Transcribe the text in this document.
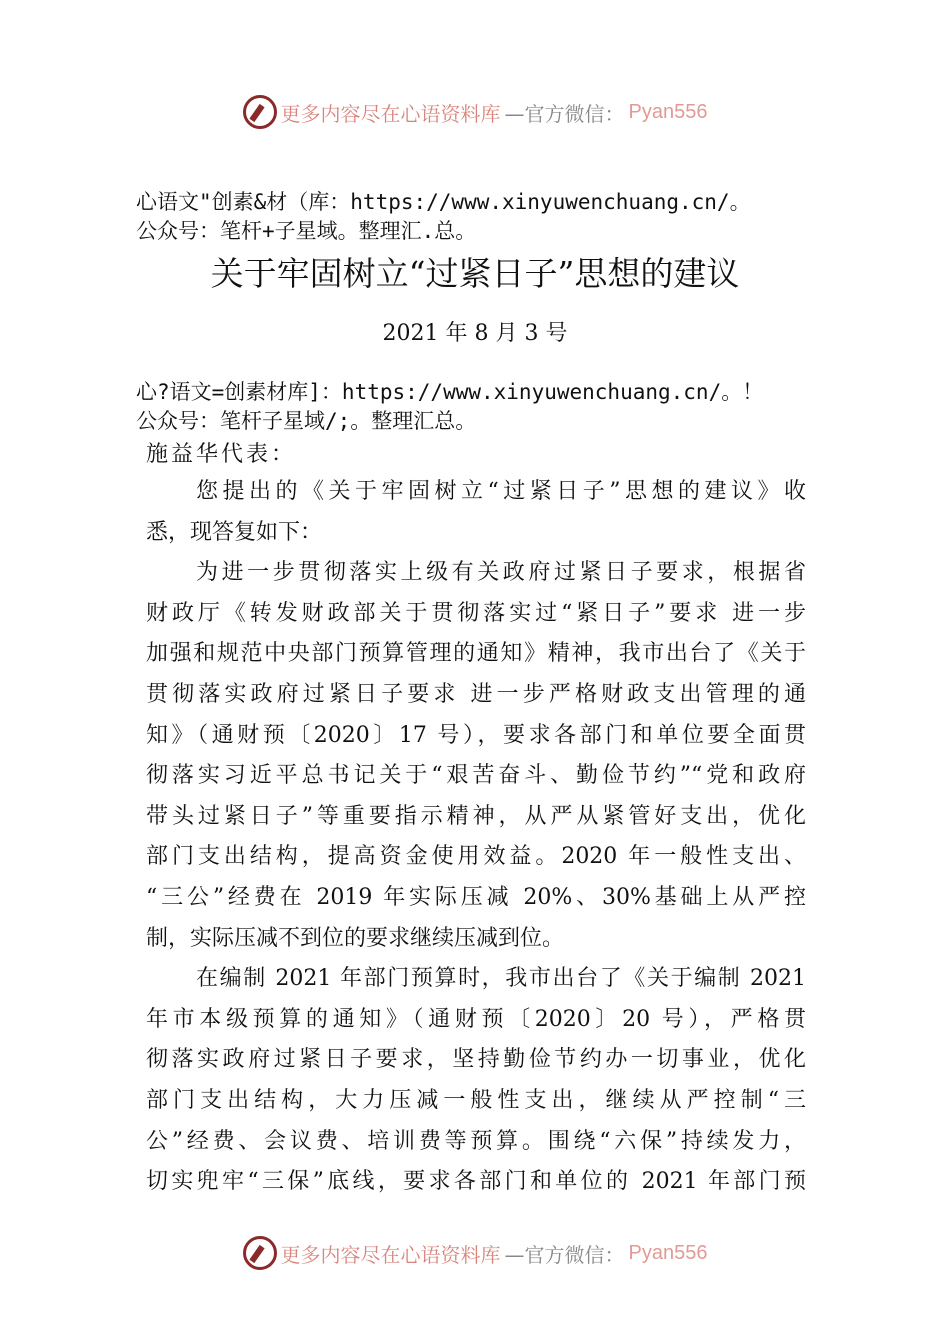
更多内容尽在心语资料库 —官方微信： Pyan556
心语文"创素&材（库：https://www.xinyuwenchuang.cn/。
公众号：笔杆+子星域。整理汇.总。
关于牢固树立“过紧日子”思想的建议
2021 年 8 月 3 号
心?语文=创素材库]：https://www.xinyuwenchuang.cn/。！
公众号：笔杆子星域/;。整理汇总。
施益华代表：
您提出的《关于牢固树立“过紧日子”思想的建议》收
悉，现答复如下：
为进一步贯彻落实上级有关政府过紧日子要求，根据省
财政厅《转发财政部关于贯彻落实过“紧日子”要求 进一步
加强和规范中央部门预算管理的通知》精神，我市出台了《关于
贯彻落实政府过紧日子要求 进一步严格财政支出管理的通
知》（通财预〔2020〕17 号），要求各部门和单位要全面贯
彻落实习近平总书记关于“艰苦奋斗、勤俭节约”“党和政府
带头过紧日子”等重要指示精神，从严从紧管好支出，优化
部门支出结构，提高资金使用效益。2020 年一般性支出、
“三公”经费在 2019 年实际压减 20%、30%基础上从严控
制，实际压减不到位的要求继续压减到位。
在编制 2021 年部门预算时，我市出台了《关于编制 2021
年市本级预算的通知》（通财预〔2020〕20 号），严格贯
彻落实政府过紧日子要求，坚持勤俭节约办一切事业，优化
部门支出结构，大力压减一般性支出，继续从严控制“三
公”经费、会议费、培训费等预算。围绕“六保”持续发力，
切实兜牢“三保”底线，要求各部门和单位的 2021 年部门预
更多内容尽在心语资料库 —官方微信： Pyan556
